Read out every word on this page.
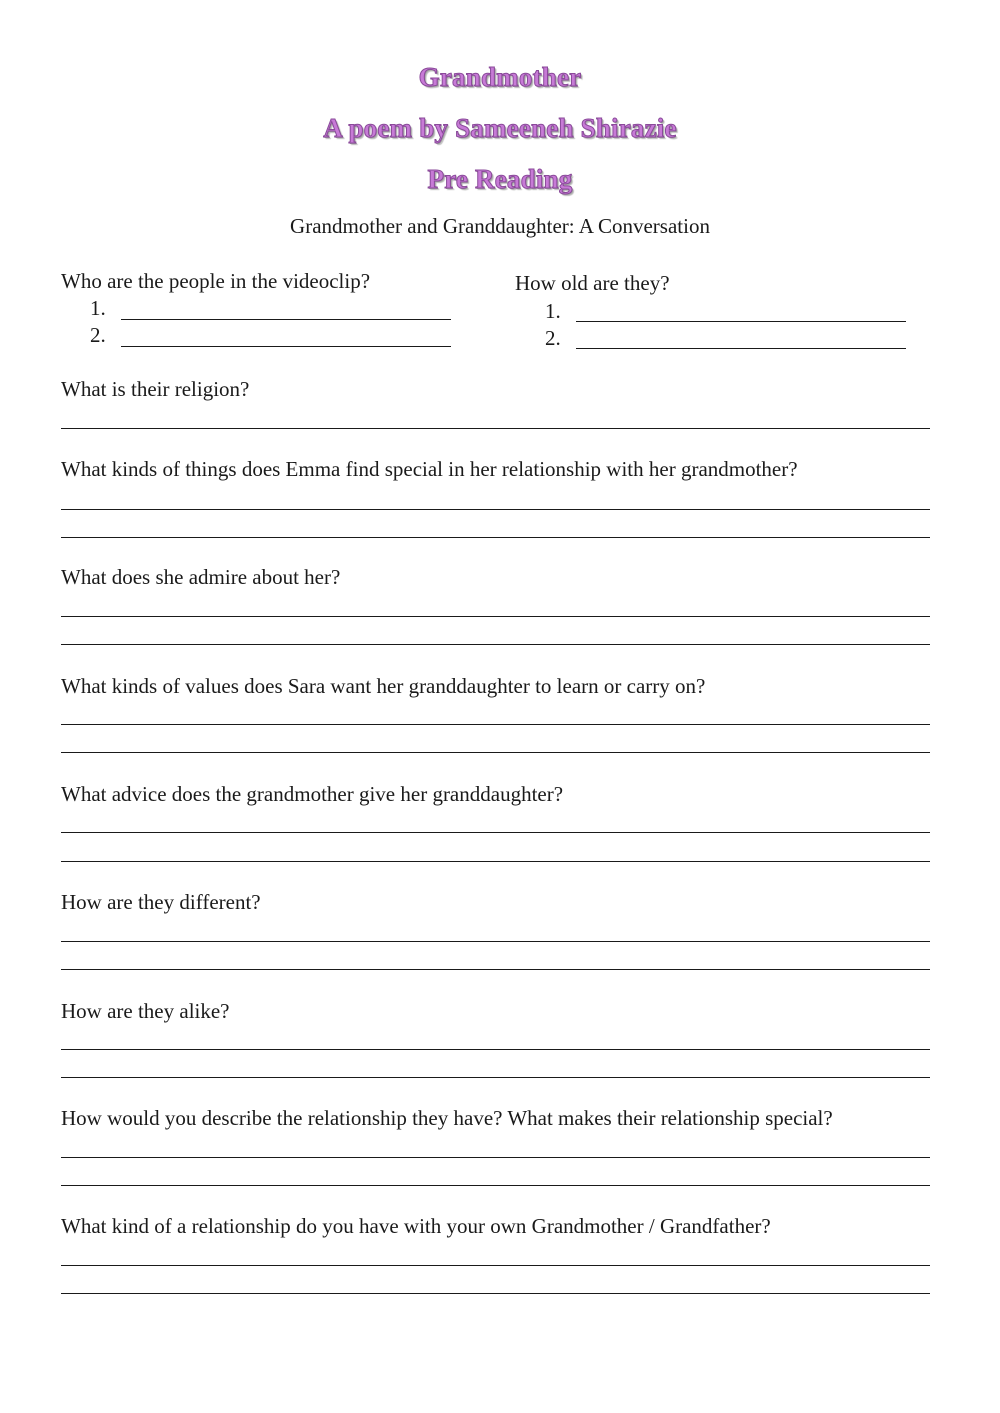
Grandmother
A poem by Sameeneh Shirazie
Pre Reading
Grandmother and Granddaughter: A Conversation
Who are the people in the videoclip?
1.
2.
How old are they?
1.
2.
What is their religion?
What kinds of things does Emma find special in her relationship with her grandmother?
What does she admire about her?
What kinds of values does Sara want her granddaughter to learn or carry on?
What advice does the grandmother give her granddaughter?
How are they different?
How are they alike?
How would you describe the relationship they have? What makes their relationship special?
What kind of a relationship do you have with your own Grandmother / Grandfather?
